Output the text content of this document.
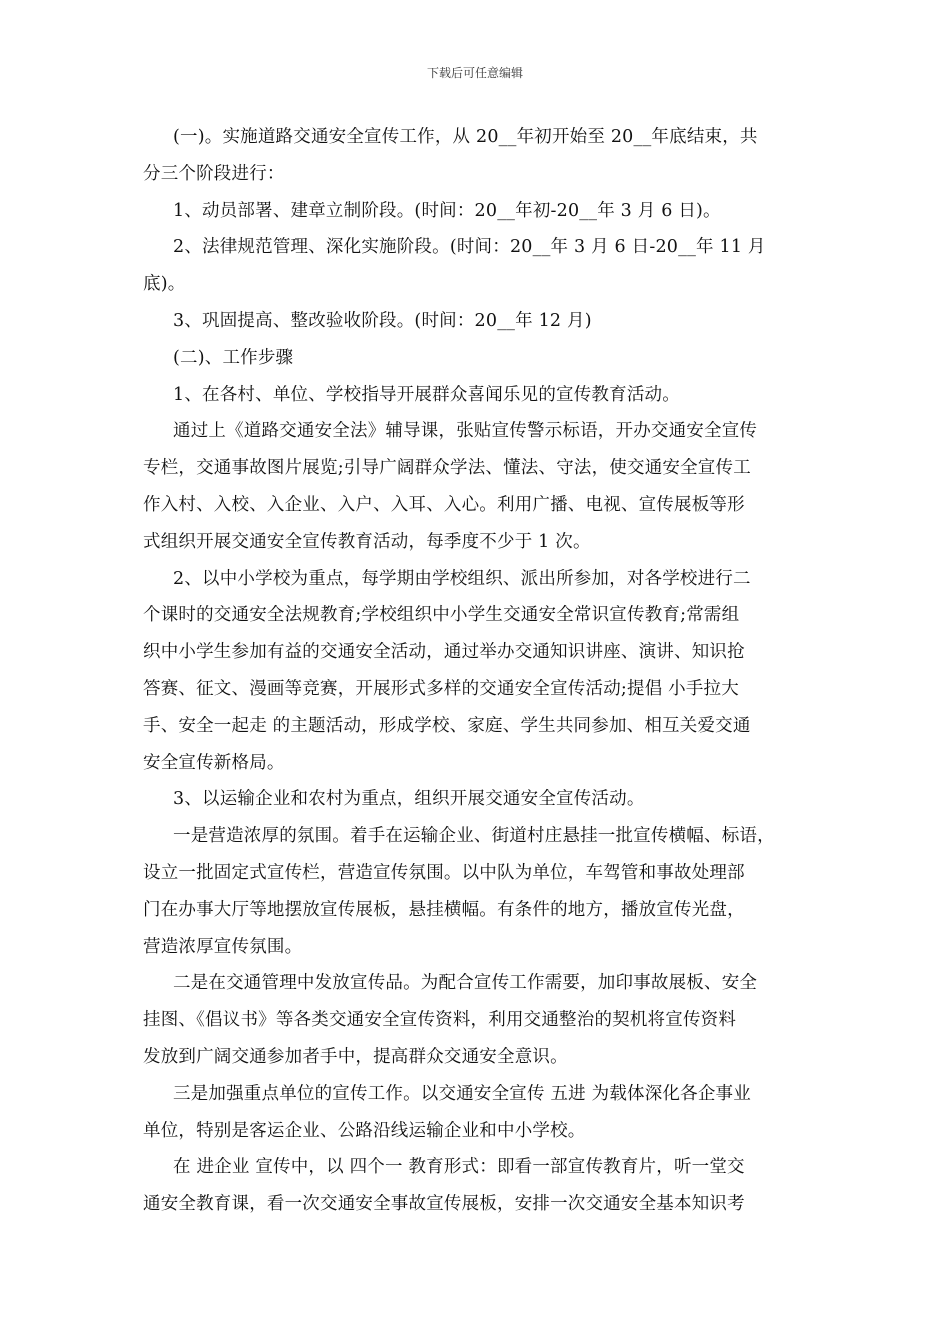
下载后可任意编辑
(一)。实施道路交通安全宣传工作，从 20__年初开始至 20__年底结束，共
分三个阶段进行：
1、动员部署、建章立制阶段。(时间：20__年初-20__年 3 月 6 日)。
2、法律规范管理、深化实施阶段。(时间：20__年 3 月 6 日-20__年 11 月
底)。
3、巩固提高、整改验收阶段。(时间：20__年 12 月)
(二)、工作步骤
1、在各村、单位、学校指导开展群众喜闻乐见的宣传教育活动。
通过上《道路交通安全法》辅导课，张贴宣传警示标语，开办交通安全宣传
专栏，交通事故图片展览;引导广阔群众学法、懂法、守法，使交通安全宣传工
作入村、入校、入企业、入户、入耳、入心。利用广播、电视、宣传展板等形
式组织开展交通安全宣传教育活动，每季度不少于 1 次。
2、以中小学校为重点，每学期由学校组织、派出所参加，对各学校进行二
个课时的交通安全法规教育;学校组织中小学生交通安全常识宣传教育;常需组
织中小学生参加有益的交通安全活动，通过举办交通知识讲座、演讲、知识抢
答赛、征文、漫画等竞赛，开展形式多样的交通安全宣传活动;提倡 小手拉大
手、安全一起走 的主题活动，形成学校、家庭、学生共同参加、相互关爱交通
安全宣传新格局。
3、以运输企业和农村为重点，组织开展交通安全宣传活动。
一是营造浓厚的氛围。着手在运输企业、街道村庄悬挂一批宣传横幅、标语，
设立一批固定式宣传栏，营造宣传氛围。以中队为单位，车驾管和事故处理部
门在办事大厅等地摆放宣传展板，悬挂横幅。有条件的地方，播放宣传光盘，
营造浓厚宣传氛围。
二是在交通管理中发放宣传品。为配合宣传工作需要，加印事故展板、安全
挂图、《倡议书》等各类交通安全宣传资料，利用交通整治的契机将宣传资料
发放到广阔交通参加者手中，提高群众交通安全意识。
三是加强重点单位的宣传工作。以交通安全宣传 五进 为载体深化各企事业
单位，特别是客运企业、公路沿线运输企业和中小学校。
在 进企业 宣传中，以 四个一 教育形式：即看一部宣传教育片，听一堂交
通安全教育课，看一次交通安全事故宣传展板，安排一次交通安全基本知识考
